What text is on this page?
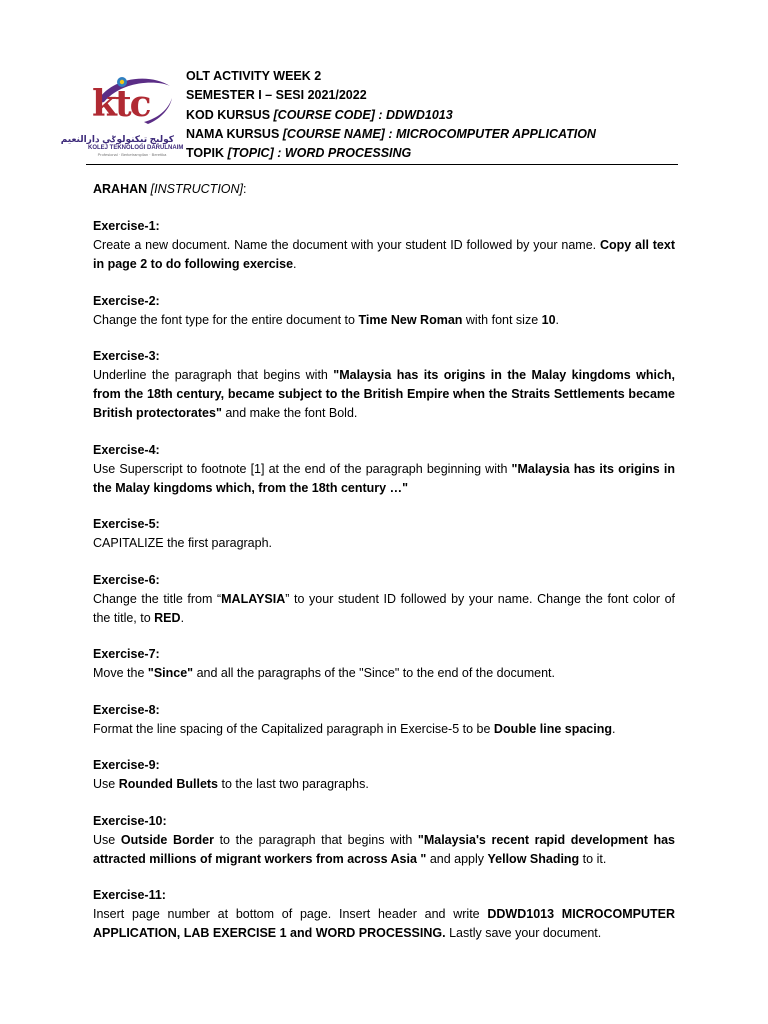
ktc
كوليج تيكنولوݢي دارالنعيم
KOLEJ TEKNOLOGI DARULNAIM
Profesional · Berketrampilan · Beretika
OLT ACTIVITY WEEK 2
SEMESTER I – SESI 2021/2022
KOD KURSUS [COURSE CODE] : DDWD1013
NAMA KURSUS [COURSE NAME] : MICROCOMPUTER APPLICATION
TOPIK [TOPIC] : WORD PROCESSING
ARAHAN [INSTRUCTION]:
Exercise-1:
Create a new document. Name the document with your student ID followed by your name. Copy all text in page 2 to do following exercise.
Exercise-2:
Change the font type for the entire document to Time New Roman with font size 10.
Exercise-3:
Underline the paragraph that begins with "Malaysia has its origins in the Malay kingdoms which, from the 18th century, became subject to the British Empire when the Straits Settlements became British protectorates" and make the font Bold.
Exercise-4:
Use Superscript to footnote [1] at the end of the paragraph beginning with "Malaysia has its origins in the Malay kingdoms which, from the 18th century …"
Exercise-5:
CAPITALIZE the first paragraph.
Exercise-6:
Change the title from “MALAYSIA” to your student ID followed by your name. Change the font color of the title, to RED.
Exercise-7:
Move the "Since" and all the paragraphs of the "Since" to the end of the document.
Exercise-8:
Format the line spacing of the Capitalized paragraph in Exercise-5 to be Double line spacing.
Exercise-9:
Use Rounded Bullets to the last two paragraphs.
Exercise-10:
Use Outside Border to the paragraph that begins with "Malaysia's recent rapid development has attracted millions of migrant workers from across Asia " and apply Yellow Shading to it.
Exercise-11:
Insert page number at bottom of page. Insert header and write DDWD1013 MICROCOMPUTER APPLICATION, LAB EXERCISE 1 and WORD PROCESSING. Lastly save your document.
